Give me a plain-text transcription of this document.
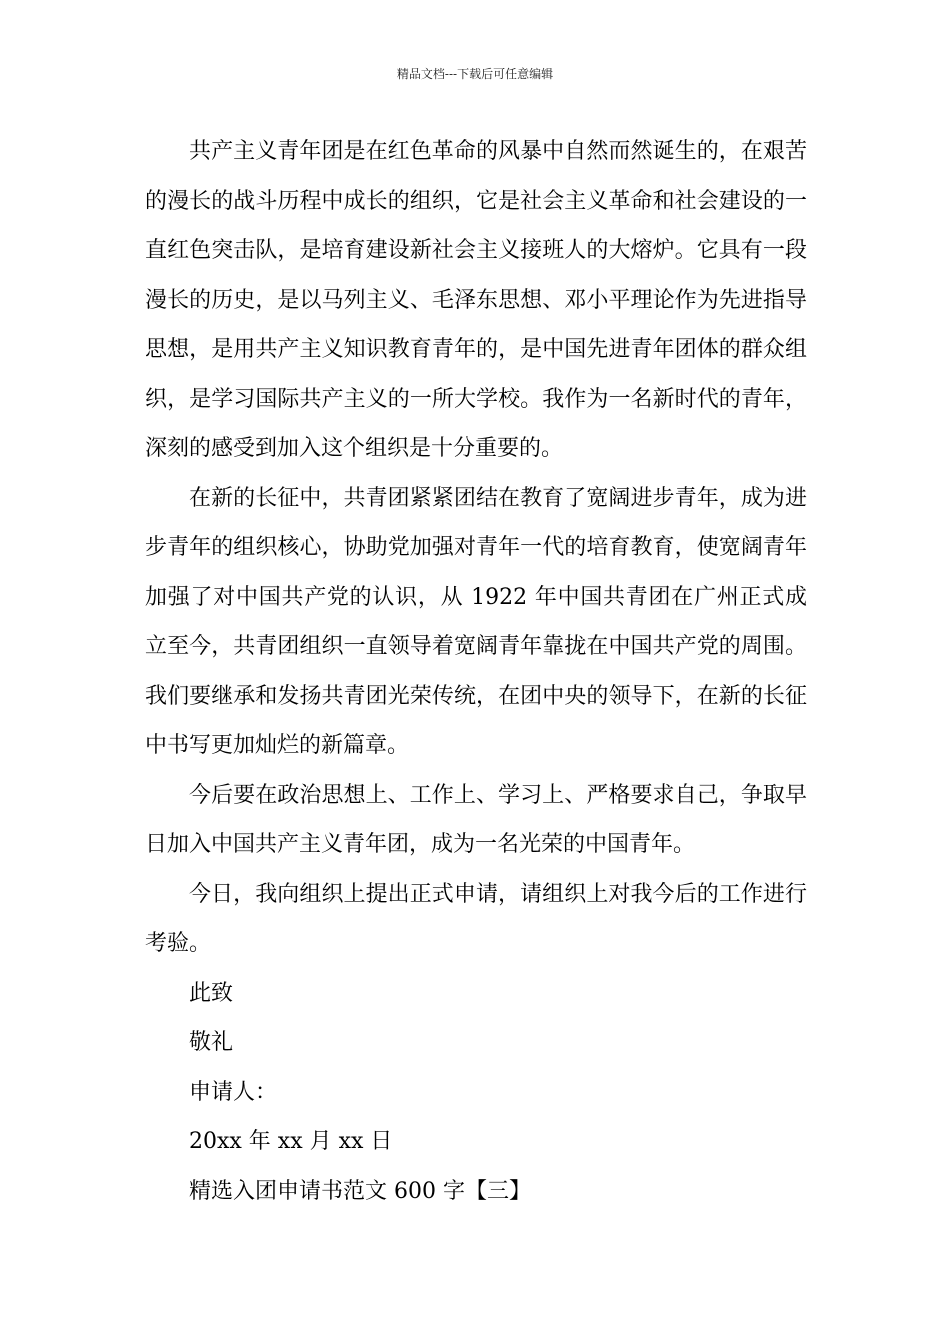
精品文档---下载后可任意编辑

共产主义青年团是在红色革命的风暴中自然而然诞生的，在艰苦的漫长的战斗历程中成长的组织，它是社会主义革命和社会建设的一直红色突击队，是培育建设新社会主义接班人的大熔炉。它具有一段漫长的历史，是以马列主义、毛泽东思想、邓小平理论作为先进指导思想，是用共产主义知识教育青年的，是中国先进青年团体的群众组织，是学习国际共产主义的一所大学校。我作为一名新时代的青年，深刻的感受到加入这个组织是十分重要的。

在新的长征中，共青团紧紧团结在教育了宽阔进步青年，成为进步青年的组织核心，协助党加强对青年一代的培育教育，使宽阔青年加强了对中国共产党的认识，从 1922 年中国共青团在广州正式成立至今，共青团组织一直领导着宽阔青年靠拢在中国共产党的周围。我们要继承和发扬共青团光荣传统，在团中央的领导下，在新的长征中书写更加灿烂的新篇章。

今后要在政治思想上、工作上、学习上、严格要求自己，争取早日加入中国共产主义青年团，成为一名光荣的中国青年。

今日，我向组织上提出正式申请，请组织上对我今后的工作进行考验。

此致

敬礼

申请人：

20xx 年 xx 月 xx 日

精选入团申请书范文 600 字【三】
